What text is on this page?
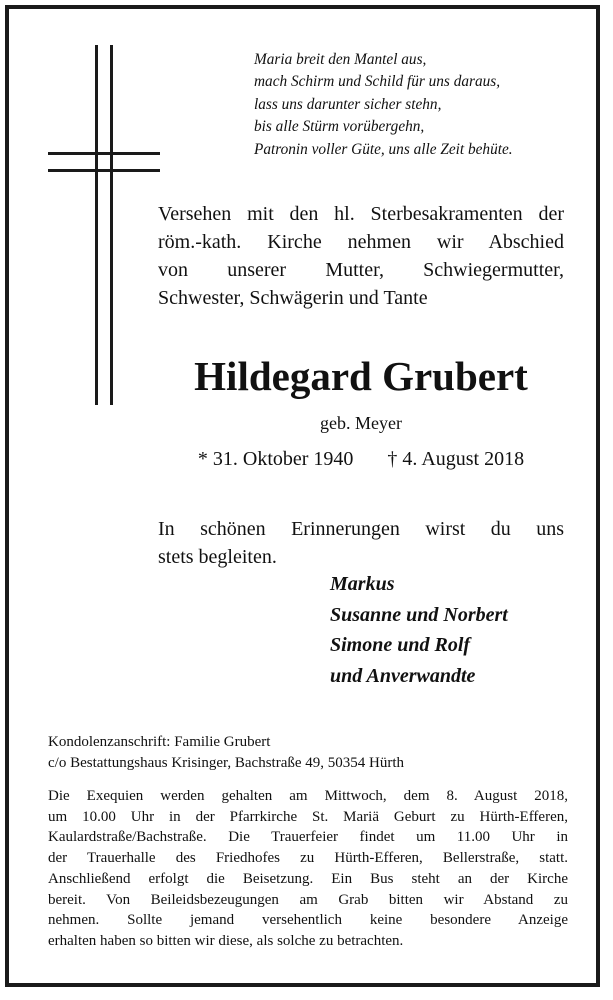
Maria breit den Mantel aus,
mach Schirm und Schild für uns daraus,
lass uns darunter sicher stehn,
bis alle Stürm vorübergehn,
Patronin voller Güte, uns alle Zeit behüte.
Versehen mit den hl. Sterbesakramenten der
röm.-kath. Kirche nehmen wir Abschied
von unserer Mutter, Schwiegermutter,
Schwester, Schwägerin und Tante
Hildegard Grubert
geb. Meyer
* 31. Oktober 1940 † 4. August 2018
In schönen Erinnerungen wirst du uns
stets begleiten.
Markus
Susanne und Norbert
Simone und Rolf
und Anverwandte
Kondolenzanschrift: Familie Grubert
c/o Bestattungshaus Krisinger, Bachstraße 49, 50354 Hürth
Die Exequien werden gehalten am Mittwoch, dem 8. August 2018,
um 10.00 Uhr in der Pfarrkirche St. Mariä Geburt zu Hürth-Efferen,
Kaulardstraße/Bachstraße. Die Trauerfeier findet um 11.00 Uhr in
der Trauerhalle des Friedhofes zu Hürth-Efferen, Bellerstraße, statt.
Anschließend erfolgt die Beisetzung. Ein Bus steht an der Kirche
bereit. Von Beileidsbezeugungen am Grab bitten wir Abstand zu
nehmen. Sollte jemand versehentlich keine besondere Anzeige
erhalten haben so bitten wir diese, als solche zu betrachten.
